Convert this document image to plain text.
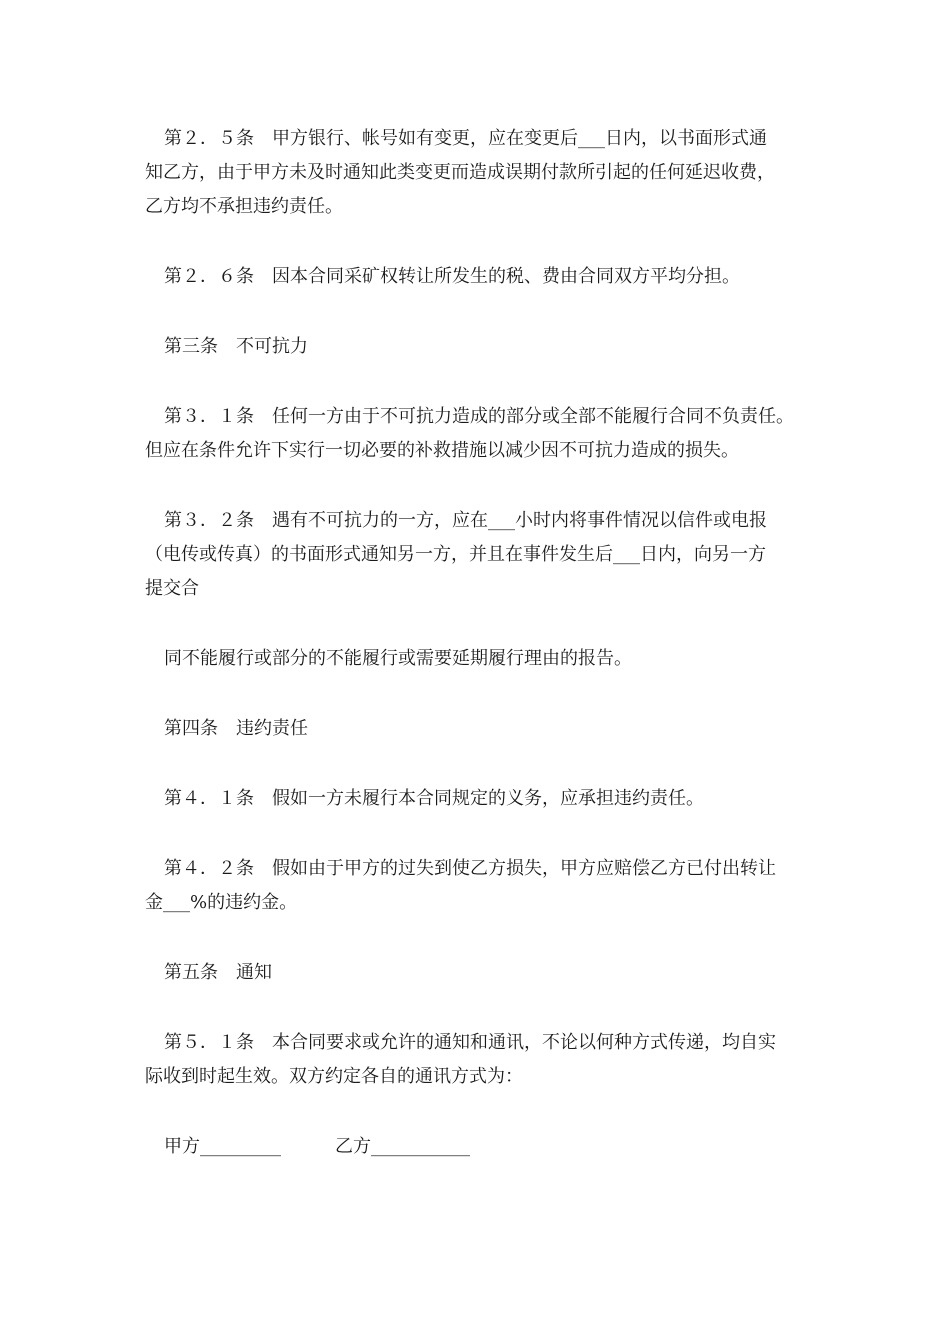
第２．５条　甲方银行、帐号如有变更，应在变更后___日内，以书面形式通
知乙方，由于甲方未及时通知此类变更而造成误期付款所引起的任何延迟收费，
乙方均不承担违约责任。
第２．６条　因本合同采矿权转让所发生的税、费由合同双方平均分担。
第三条　不可抗力
第３．１条　任何一方由于不可抗力造成的部分或全部不能履行合同不负责任。
但应在条件允许下实行一切必要的补救措施以减少因不可抗力造成的损失。
第３．２条　遇有不可抗力的一方，应在___小时内将事件情况以信件或电报
（电传或传真）的书面形式通知另一方，并且在事件发生后___日内，向另一方
提交合
同不能履行或部分的不能履行或需要延期履行理由的报告。
第四条　违约责任
第４．１条　假如一方未履行本合同规定的义务，应承担违约责任。
第４．２条　假如由于甲方的过失到使乙方损失，甲方应赔偿乙方已付出转让
金___%的违约金。
第五条　通知
第５．１条　本合同要求或允许的通知和通讯，不论以何种方式传递，均自实
际收到时起生效。双方约定各自的通讯方式为：
甲方_________　　　乙方___________
